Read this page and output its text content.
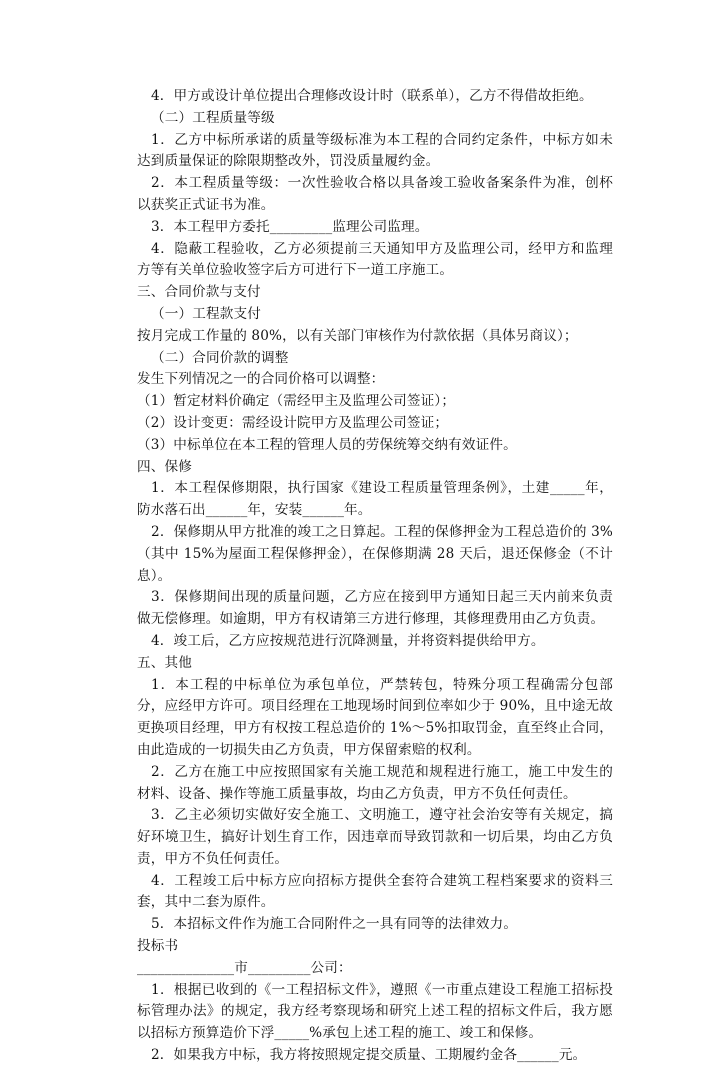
4．甲方或设计单位提出合理修改设计时（联系单），乙方不得借故拒绝。

（二）工程质量等级

1．乙方中标所承诺的质量等级标准为本工程的合同约定条件，中标方如未达到质量保证的除限期整改外，罚没质量履约金。

2．本工程质量等级：一次性验收合格以具备竣工验收备案条件为准，创杯以获奖正式证书为准。

3．本工程甲方委托_________监理公司监理。

4．隐蔽工程验收，乙方必须提前三天通知甲方及监理公司，经甲方和监理方等有关单位验收签字后方可进行下一道工序施工。

三、合同价款与支付

（一）工程款支付

按月完成工作量的 80%，以有关部门审核作为付款依据（具体另商议）；

（二）合同价款的调整

发生下列情况之一的合同价格可以调整：

（1）暂定材料价确定（需经甲主及监理公司签证）；

（2）设计变更：需经设计院甲方及监理公司签证；

（3）中标单位在本工程的管理人员的劳保统筹交纳有效证件。

四、保修

1．本工程保修期限，执行国家《建设工程质量管理条例》，土建_____年，防水落石出______年，安装______年。

2．保修期从甲方批准的竣工之日算起。工程的保修押金为工程总造价的 3%（其中 15%为屋面工程保修押金），在保修期满 28 天后，退还保修金（不计息）。

3．保修期间出现的质量问题，乙方应在接到甲方通知日起三天内前来负责做无偿修理。如逾期，甲方有权请第三方进行修理，其修理费用由乙方负责。

4．竣工后，乙方应按规范进行沉降测量，并将资料提供给甲方。

五、其他

1．本工程的中标单位为承包单位，严禁转包，特殊分项工程确需分包部分，应经甲方许可。项目经理在工地现场时间到位率如少于 90%，且中途无故更换项目经理，甲方有权按工程总造价的 1%～5%扣取罚金，直至终止合同，由此造成的一切损失由乙方负责，甲方保留索赔的权利。

2．乙方在施工中应按照国家有关施工规范和规程进行施工，施工中发生的材料、设备、操作等施工质量事故，均由乙方负责，甲方不负任何责任。

3．乙主必须切实做好安全施工、文明施工，遵守社会治安等有关规定，搞好环境卫生，搞好计划生育工作，因违章而导致罚款和一切后果，均由乙方负责，甲方不负任何责任。

4．工程竣工后中标方应向招标方提供全套符合建筑工程档案要求的资料三套，其中二套为原件。

5．本招标文件作为施工合同附件之一具有同等的法律效力。

投标书

______________市_________公司：

1．根据已收到的《一工程招标文件》，遵照《一市重点建设工程施工招标投标管理办法》的规定，我方经考察现场和研究上述工程的招标文件后，我方愿以招标方预算造价下浮_____%承包上述工程的施工、竣工和保修。

2．如果我方中标，我方将按照规定提交质量、工期履约金各______元。
